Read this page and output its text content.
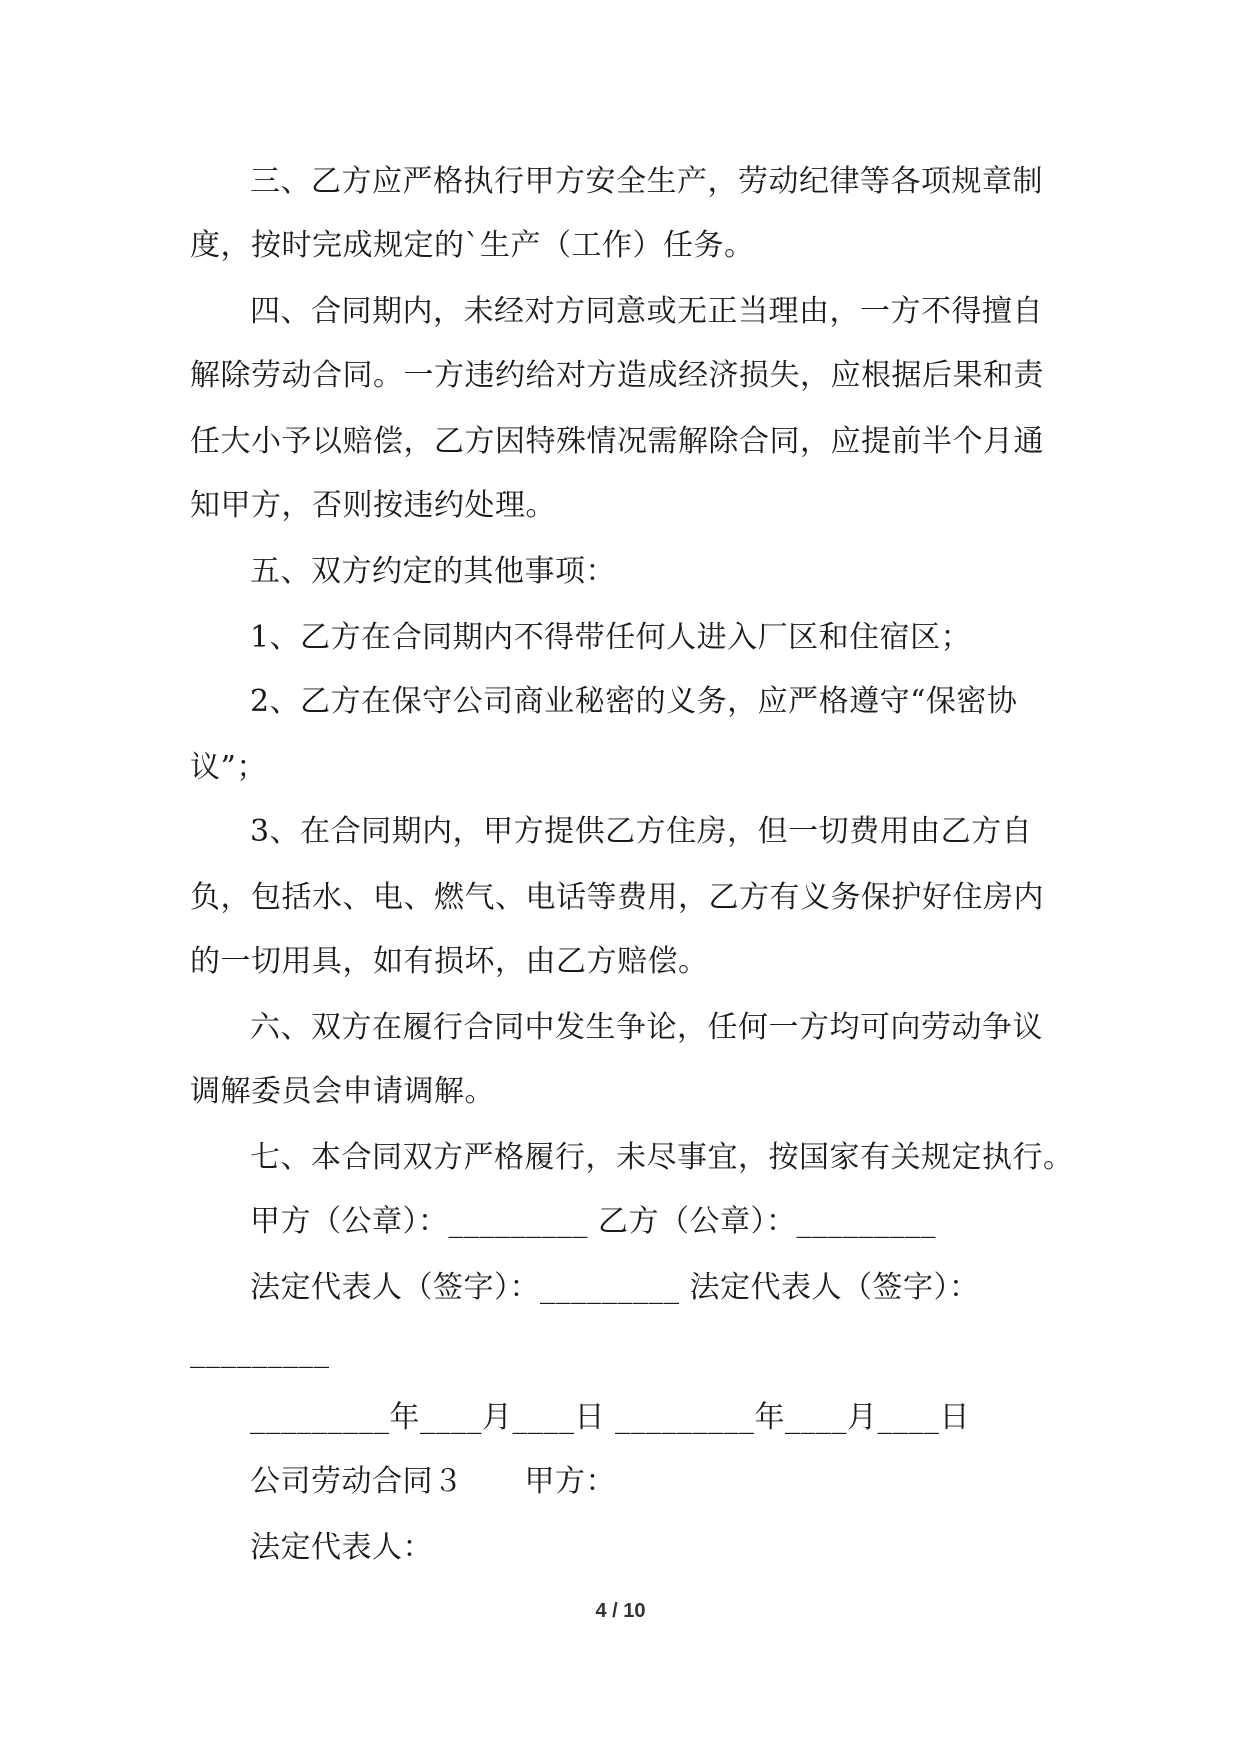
三、乙方应严格执行甲方安全生产，劳动纪律等各项规章制
度，按时完成规定的`生产（工作）任务。
四、合同期内，未经对方同意或无正当理由，一方不得擅自
解除劳动合同。一方违约给对方造成经济损失，应根据后果和责
任大小予以赔偿，乙方因特殊情况需解除合同，应提前半个月通
知甲方，否则按违约处理。
五、双方约定的其他事项：
1、乙方在合同期内不得带任何人进入厂区和住宿区；
2、乙方在保守公司商业秘密的义务，应严格遵守“保密协
议”；
3、在合同期内，甲方提供乙方住房，但一切费用由乙方自
负，包括水、电、燃气、电话等费用，乙方有义务保护好住房内
的一切用具，如有损坏，由乙方赔偿。
六、双方在履行合同中发生争论，任何一方均可向劳动争议
调解委员会申请调解。
七、本合同双方严格履行，未尽事宜，按国家有关规定执行。
甲方（公章）：_________ 乙方（公章）：_________
法定代表人（签字）：_________ 法定代表人（签字）：
_________
_________年____月____日 _________年____月____日
公司劳动合同３　　甲方：
法定代表人：
4 / 10
